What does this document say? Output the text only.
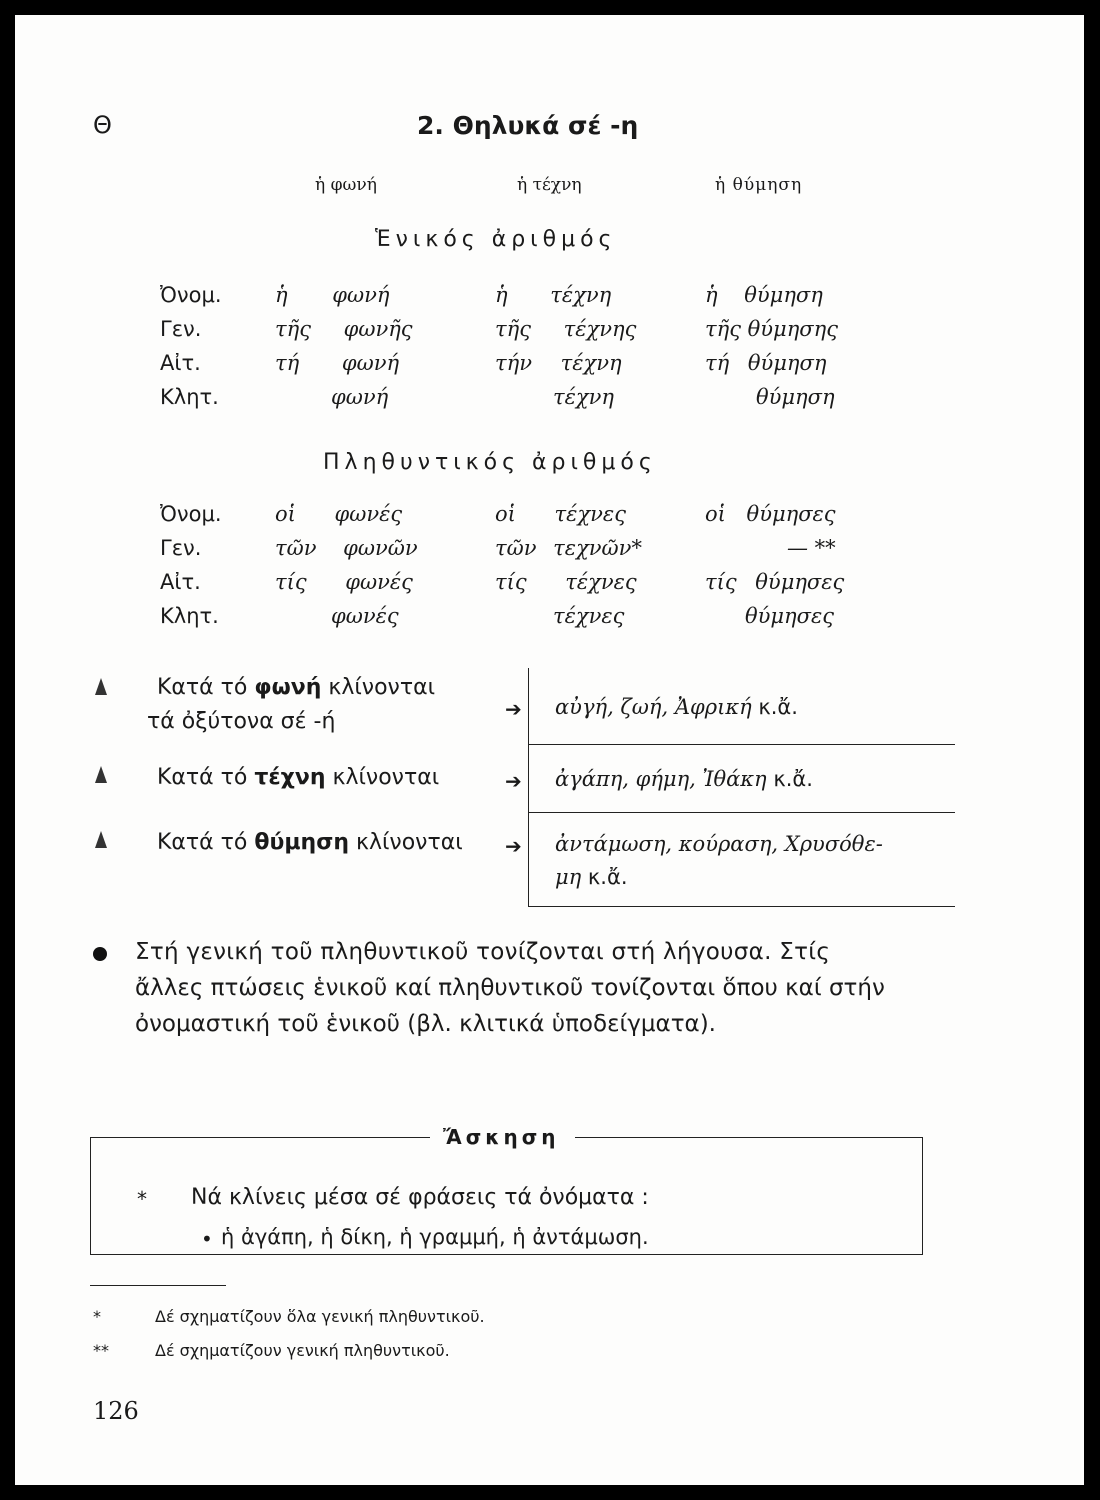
Θ	2. Θηλυκά σέ -η
ἡ φωνή	ἡ τέχνη	ἡ θύμηση
Ἑνικός ἀριθμός
Ὀνομ.	ἡ φωνή	ἡ τέχνη	ἡ θύμηση
Γεν.	τῆς φωνῆς	τῆς τέχνης	τῆς θύμησης
Αἰτ.	τή φωνή	τήν τέχνη	τή θύμηση
Κλητ.	φωνή	τέχνη	θύμηση
Πληθυντικός ἀριθμός
Ὀνομ.	οἱ φωνές	οἱ τέχνες	οἱ θύμησες
Γεν.	τῶν φωνῶν	τῶν τεχνῶν*	— **
Αἰτ.	τίς φωνές	τίς τέχνες	τίς θύμησες
Κλητ.	φωνές	τέχνες	θύμησες
Κατά τό φωνή κλίνονται
τά ὀξύτονα σέ -ή	➔ αὐγή, ζωή, Ἀφρική κ.ἄ.
Κατά τό τέχνη κλίνονται	➔ ἀγάπη, φήμη, Ἰθάκη κ.ἄ.
Κατά τό θύμηση κλίνονται ➔ ἀντάμωση, κούραση, Χρυσόθε-
μη κ.ἄ.
Στή γενική τοῦ πληθυντικοῦ τονίζονται στή λήγουσα. Στίς
ἄλλες πτώσεις ἑνικοῦ καί πληθυντικοῦ τονίζονται ὅπου καί στήν
ὀνομαστική τοῦ ἑνικοῦ (βλ. κλιτικά ὑποδείγματα).
Ἄσκηση
* Νά κλίνεις μέσα σέ φράσεις τά ὀνόματα :
• ἡ ἀγάπη, ἡ δίκη, ἡ γραμμή, ἡ ἀντάμωση.
*	Δέ σχηματίζουν ὅλα γενική πληθυντικοῦ.
**	Δέ σχηματίζουν γενική πληθυντικοῦ.
126
